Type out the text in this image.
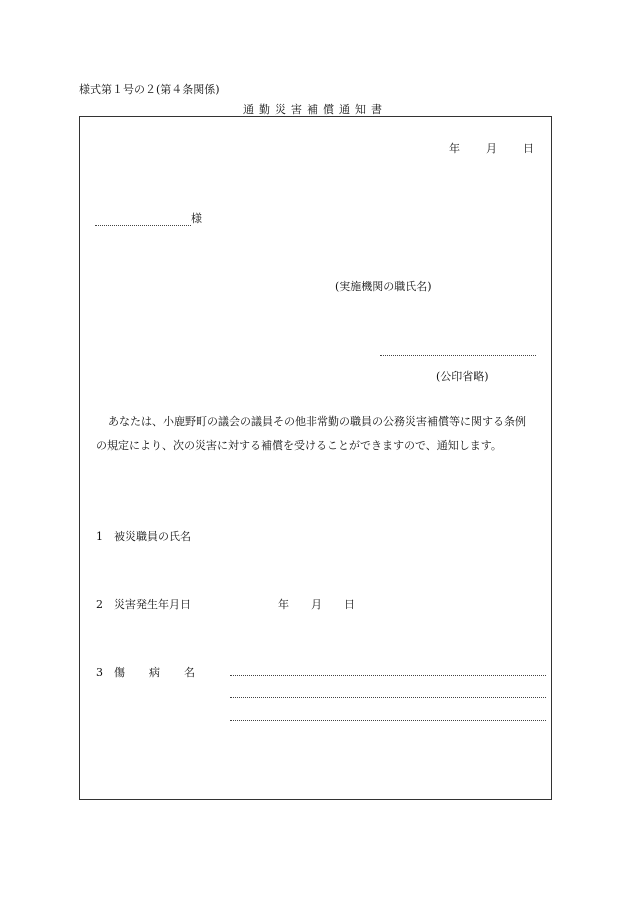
様式第１号の２(第４条関係)
通勤災害補償通知書
年 月 日
様
(実施機関の職氏名)
(公印省略)
あなたは、小鹿野町の議会の議員その他非常勤の職員の公務災害補償等に関する条例
の規定により、次の災害に対する補償を受けることができますので、通知します。
1 被災職員の氏名
2 災害発生年月日	年 月 日
3 傷 病 名
